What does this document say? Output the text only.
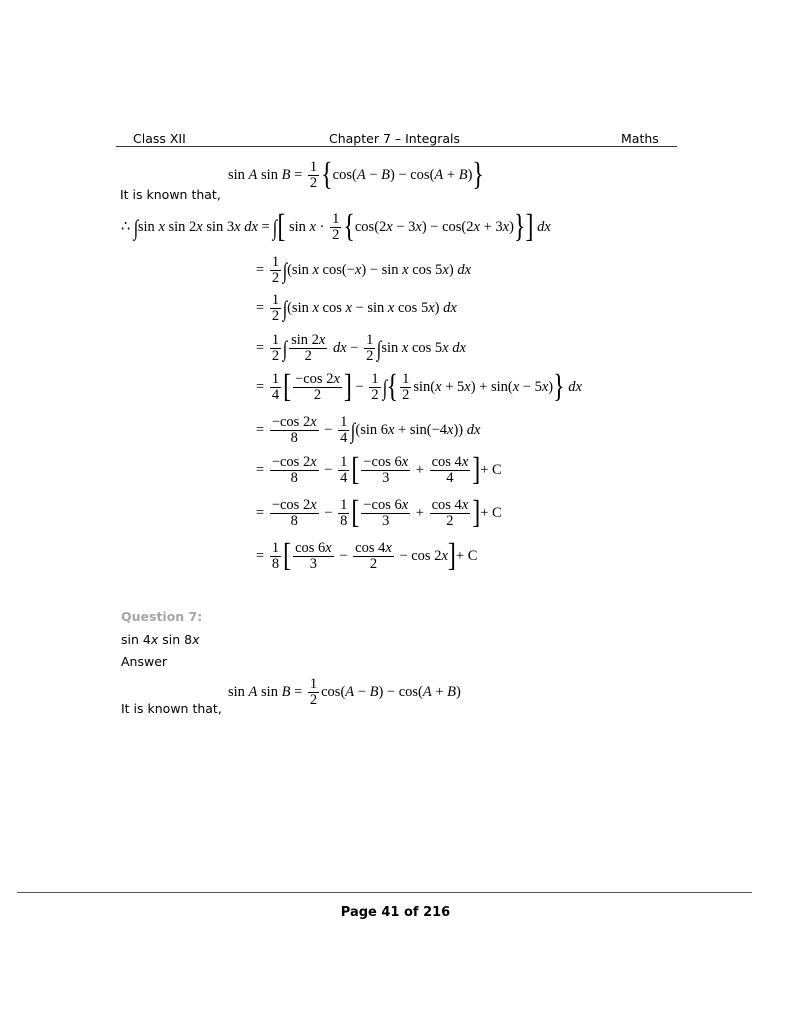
Class XII	Chapter 7 – Integrals	Maths
It is known that,
sin A $\sin B = \frac{1}{2} \{\cos(A - B) - \cos(A + B)\}$
∴ ∫sin x sin 2x sin 3x dx = ∫[ $\sin x \cdot \frac{1}{2} \{\cos(2x - 3x) - \cos(2x + 3x)\}$] dx
= $\frac{1}{2} \int(\sin$ x cos(−x) − sin x cos 5x) dx
= $\frac{1}{2} \int(\sin$ x cos x − sin x cos 5x) dx
= $\frac{1}{2}$ ∫ $\frac{\sin 2x}{2}$ dx − $\frac{1}{2} \int\sin$ x cos 5x dx
= $\frac{1}{4}$ [ $\frac{-\cos 2x}{2}$ ] − $\frac{1}{2}$ ∫{ $\frac{1}{2} \sin(x + 5x) + \sin(x - 5x)$} dx
= $\frac{-\cos 2x}{8} - \frac{1}{4} \int(\sin$ 6x + sin(−4x)) dx
= $\frac{-\cos 2x}{8} - \frac{1}{4}$ [ $\frac{-\cos 6x}{3} + \frac{\cos 4x}{4}$ ]+ C
= $\frac{-\cos 2x}{8} - \frac{1}{8}$ [ $\frac{-\cos 6x}{3} + \frac{\cos 4x}{2}$ ]+ C
= $\frac{1}{8}$ [ $\frac{\cos 6x}{3} - \frac{\cos 4x}{2} - \cos 2x]+ C$
Question 7:
sin 4x sin 8x
Answer
sin A $\sin B = \frac{1}{2} \cos(A - B) - \cos(A + B)$
It is known that,
Page 41 of 216
